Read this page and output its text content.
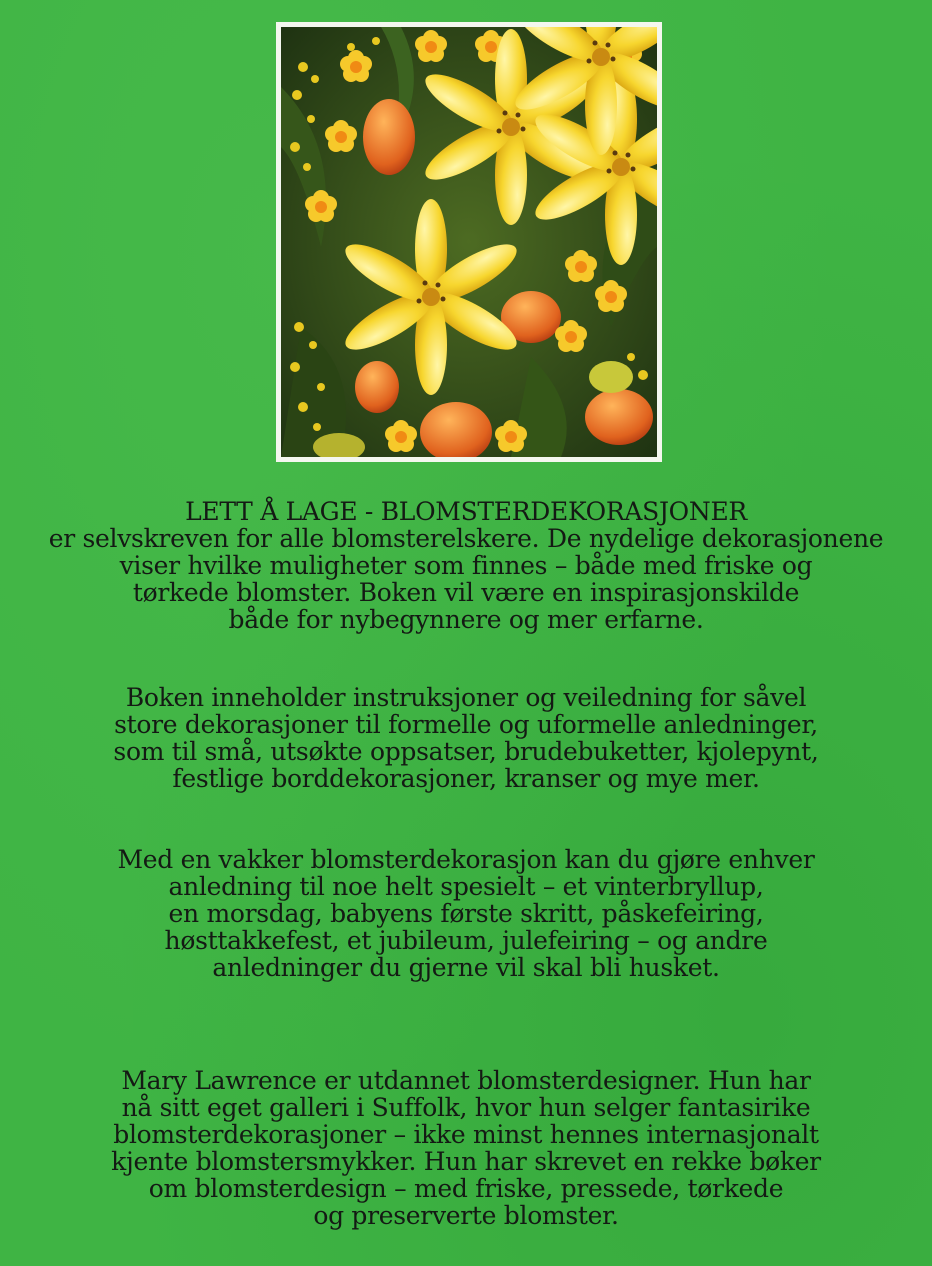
LETT Å LAGE - BLOMSTERDEKORASJONER

er selvskreven for alle blomsterelskere. De nydelige dekorasjonene

viser hvilke muligheter som finnes – både med friske og

tørkede blomster. Boken vil være en inspirasjonskilde

både for nybegynnere og mer erfarne.

Boken inneholder instruksjoner og veiledning for såvel

store dekorasjoner til formelle og uformelle anledninger,

som til små, utsøkte oppsatser, brudebuketter, kjolepynt,

festlige borddekorasjoner, kranser og mye mer.

Med en vakker blomsterdekorasjon kan du gjøre enhver

anledning til noe helt spesielt – et vinterbryllup,

en morsdag, babyens første skritt, påskefeiring,

høsttakkefest, et jubileum, julefeiring – og andre

anledninger du gjerne vil skal bli husket.

Mary Lawrence er utdannet blomsterdesigner. Hun har

nå sitt eget galleri i Suffolk, hvor hun selger fantasirike

blomsterdekorasjoner – ikke minst hennes internasjonalt

kjente blomstersmykker. Hun har skrevet en rekke bøker

om blomsterdesign – med friske, pressede, tørkede

og preserverte blomster.
